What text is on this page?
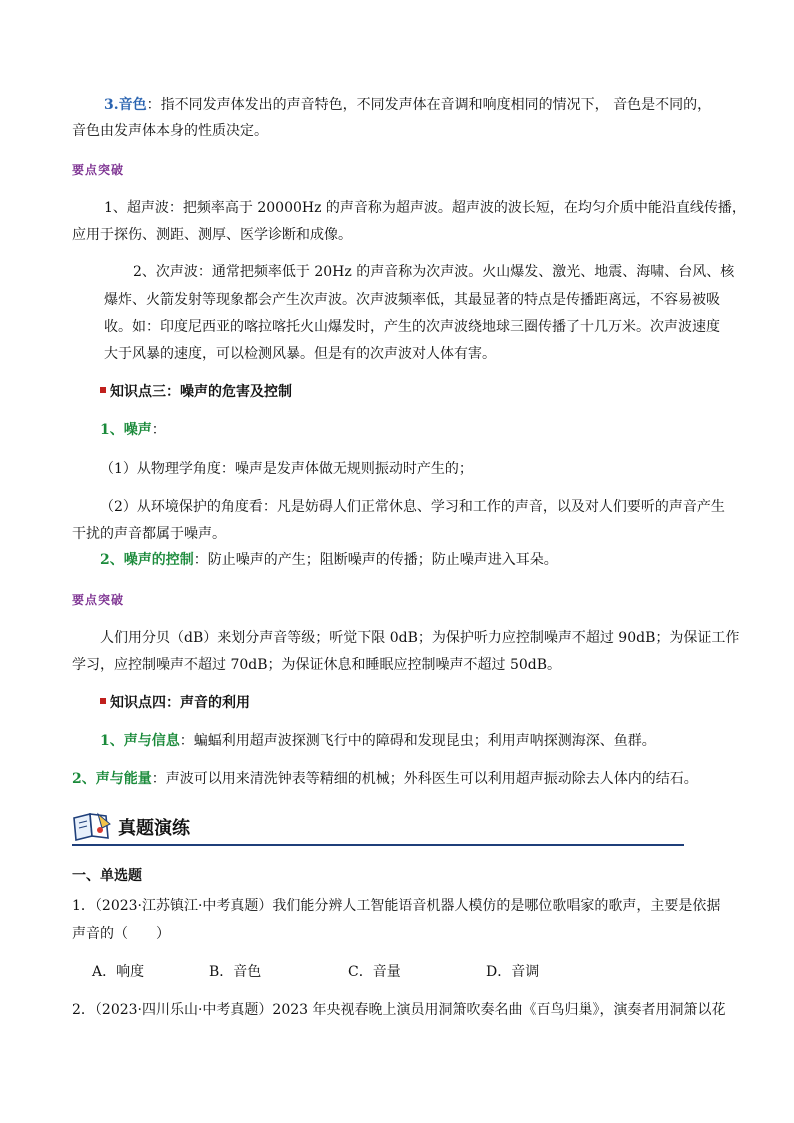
3.音色：指不同发声体发出的声音特色，不同发声体在音调和响度相同的情况下， 音色是不同的，
音色由发声体本身的性质决定。
要点突破
1、超声波：把频率高于 20000Hz 的声音称为超声波。超声波的波长短，在均匀介质中能沿直线传播，
应用于探伤、测距、测厚、医学诊断和成像。
2、次声波：通常把频率低于 20Hz 的声音称为次声波。火山爆发、激光、地震、海啸、台风、核
爆炸、火箭发射等现象都会产生次声波。次声波频率低，其最显著的特点是传播距离远，不容易被吸
收。如：印度尼西亚的喀拉喀托火山爆发时，产生的次声波绕地球三圈传播了十几万米。次声波速度
大于风暴的速度，可以检测风暴。但是有的次声波对人体有害。
知识点三：噪声的危害及控制
1、噪声：
（1）从物理学角度：噪声是发声体做无规则振动时产生的；
（2）从环境保护的角度看：凡是妨碍人们正常休息、学习和工作的声音，以及对人们要听的声音产生
干扰的声音都属于噪声。
2、噪声的控制：防止噪声的产生；阻断噪声的传播；防止噪声进入耳朵。
要点突破
人们用分贝（dB）来划分声音等级；听觉下限 0dB；为保护听力应控制噪声不超过 90dB；为保证工作
学习，应控制噪声不超过 70dB；为保证休息和睡眠应控制噪声不超过 50dB。
知识点四：声音的利用
1、声与信息：蝙蝠利用超声波探测飞行中的障碍和发现昆虫；利用声呐探测海深、鱼群。
2、声与能量：声波可以用来清洗钟表等精细的机械；外科医生可以利用超声振动除去人体内的结石。
真题演练
一、单选题
1．（2023·江苏镇江·中考真题）我们能分辨人工智能语音机器人模仿的是哪位歌唱家的歌声，主要是依据
声音的（　　）
A．响度	B．音色	C．音量	D．音调
2．（2023·四川乐山·中考真题）2023 年央视春晚上演员用洞箫吹奏名曲《百鸟归巢》，演奏者用洞箫以花
